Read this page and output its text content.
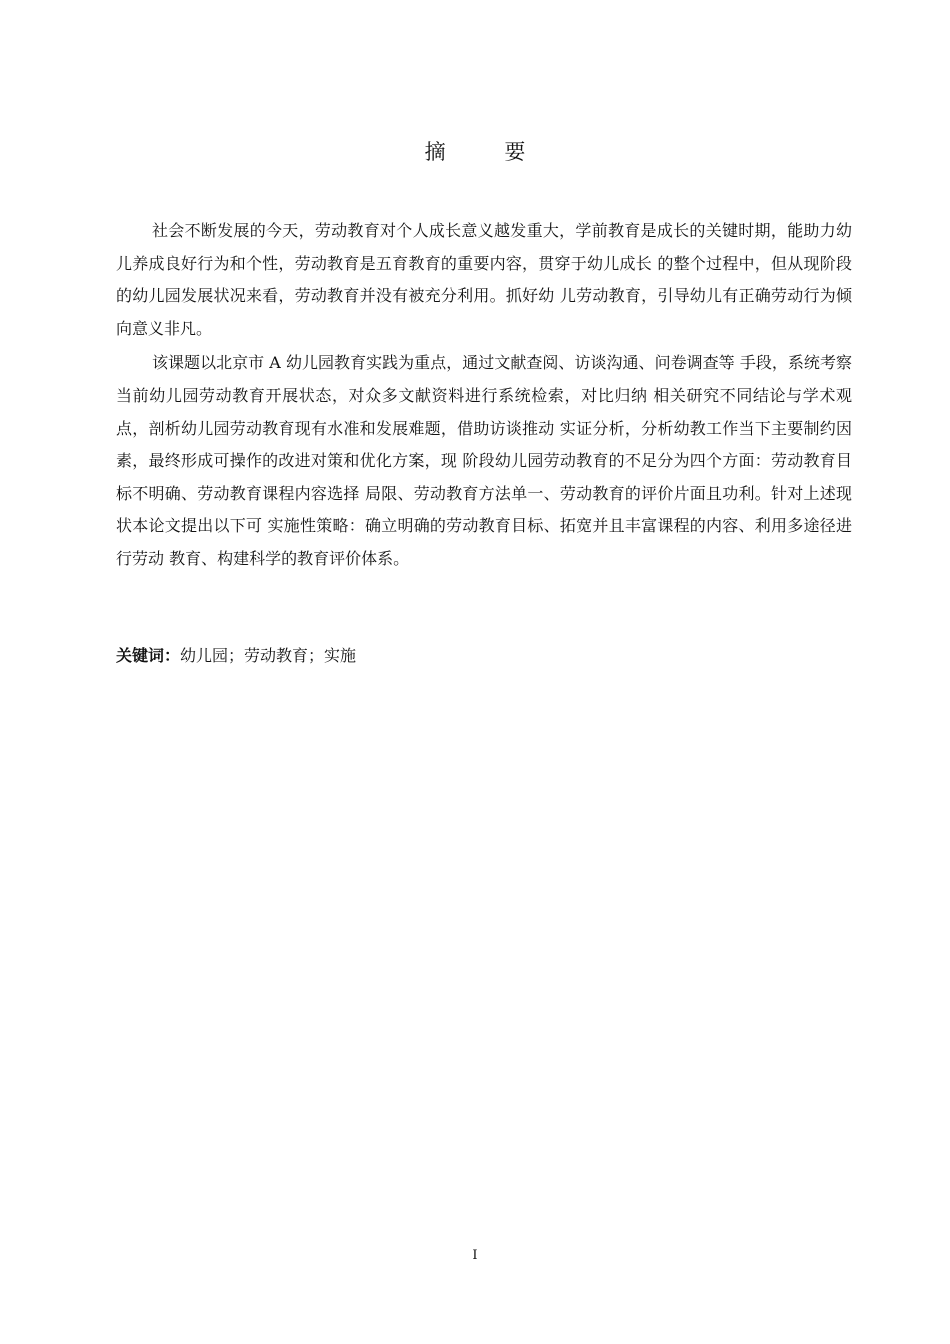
摘 要

社会不断发展的今天，劳动教育对个人成长意义越发重大，学前教育是成长的关键时期，能助力幼儿养成良好行为和个性，劳动教育是五育教育的重要内容，贯穿于幼儿成长 的整个过程中，但从现阶段的幼儿园发展状况来看，劳动教育并没有被充分利用。抓好幼 儿劳动教育，引导幼儿有正确劳动行为倾向意义非凡。

该课题以北京市 A 幼儿园教育实践为重点，通过文献查阅、访谈沟通、问卷调查等 手段，系统考察当前幼儿园劳动教育开展状态，对众多文献资料进行系统检索，对比归纳 相关研究不同结论与学术观点，剖析幼儿园劳动教育现有水准和发展难题，借助访谈推动 实证分析，分析幼教工作当下主要制约因素，最终形成可操作的改进对策和优化方案，现 阶段幼儿园劳动教育的不足分为四个方面：劳动教育目标不明确、劳动教育课程内容选择 局限、劳动教育方法单一、劳动教育的评价片面且功利。针对上述现状本论文提出以下可 实施性策略：确立明确的劳动教育目标、拓宽并且丰富课程的内容、利用多途径进行劳动 教育、构建科学的教育评价体系。

关键词：幼儿园；劳动教育；实施
I
